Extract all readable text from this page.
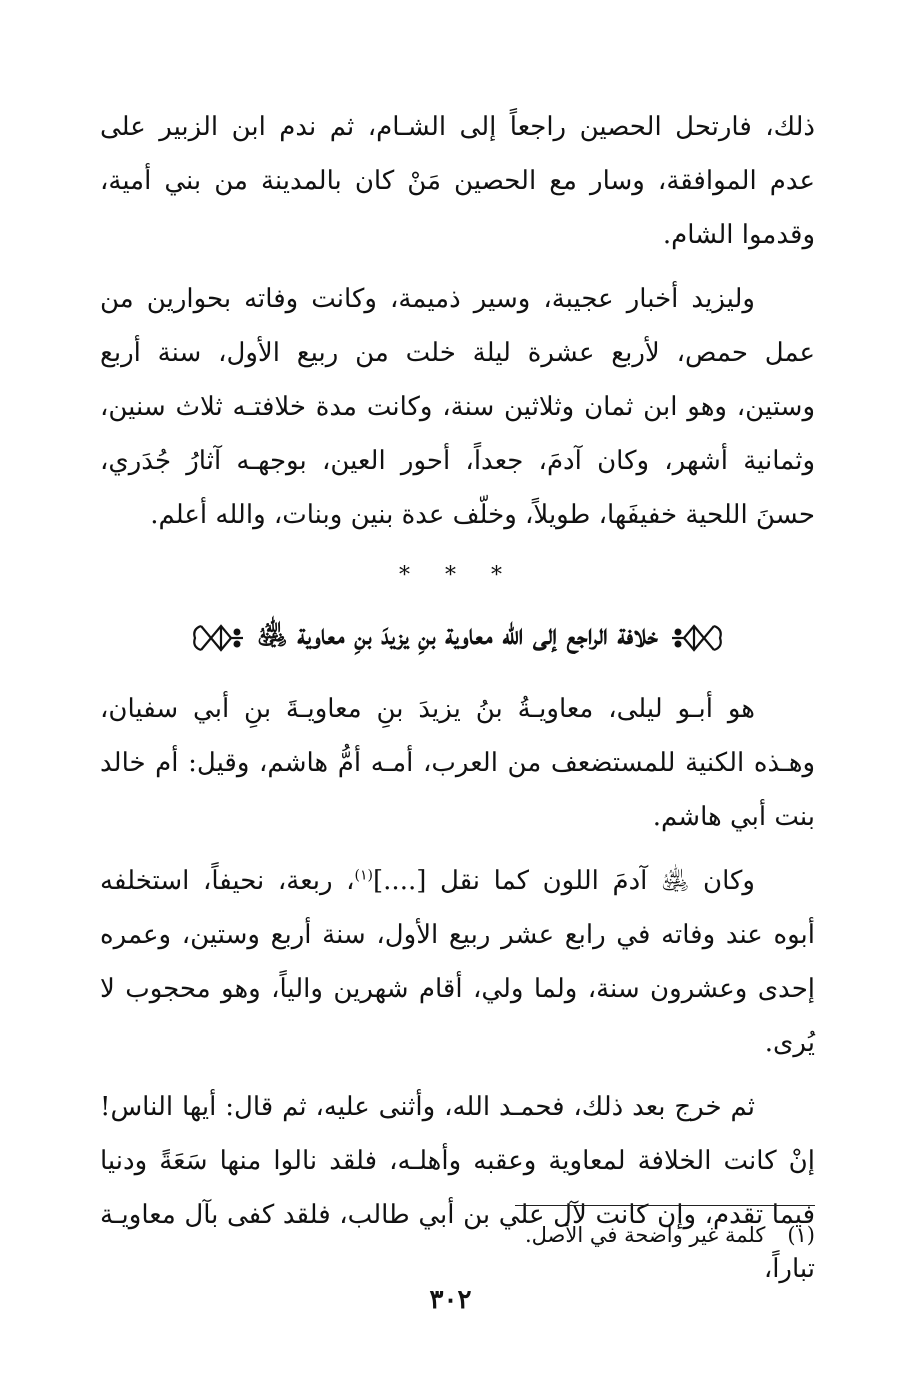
ذلك، فارتحل الحصين راجعاً إلى الشـام، ثم ندم ابن الزبير على عدم الموافقة، وسار مع الحصين مَنْ كان بالمدينة من بني أمية، وقدموا الشام.

وليزيد أخبار عجيبة، وسير ذميمة، وكانت وفاته بحوارين من عمل حمص، لأربع عشرة ليلة خلت من ربيع الأول، سنة أربع وستين، وهو ابن ثمان وثلاثين سنة، وكانت مدة خلافتـه ثلاث سنين، وثمانية أشهر، وكان آدمَ، جعداً، أحور العين، بوجهـه آثارُ جُدَري، حسنَ اللحية خفيفَها، طويلاً، وخلّف عدة بنين وبنات، والله أعلم.

* * *
خلافة الراجع إلى الله معاوية بنِ يزيدَ بنِ معاوية ﵁

هو أبـو ليلى، معاويـةُ بنُ يزيدَ بنِ معاويـةَ بنِ أبي سفيان، وهـذه الكنية للمستضعف من العرب، أمـه أمُّ هاشم، وقيل: أم خالد بنت أبي هاشم.

وكان ﵁ آدمَ اللون كما نقل [....]$^{(١)}$، ربعة، نحيفاً، استخلفه أبوه عند وفاته في رابع عشر ربيع الأول، سنة أربع وستين، وعمره إحدى وعشرون سنة، ولما ولي، أقام شهرين والياً، وهو محجوب لا يُرى.

ثم خرج بعد ذلك، فحمـد الله، وأثنى عليه، ثم قال: أيها الناس! إنْ كانت الخلافة لمعاوية وعقبه وأهلـه، فلقد نالوا منها سَعَةً ودنيا فيما تقدم، وإن كانت لآل علي بن أبي طالب، فلقد كفى بآل معاويـة تباراً،

(١)كلمة غير واضحة في الأصل.
٣٠٢
